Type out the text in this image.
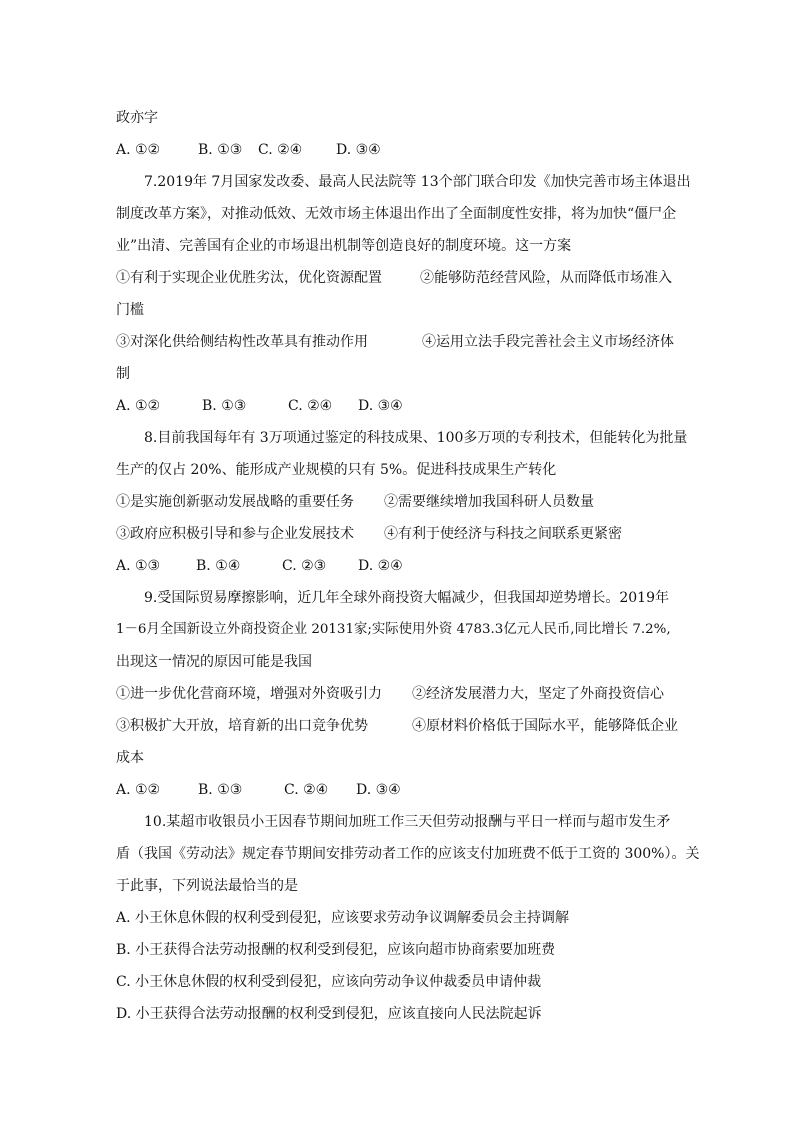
政亦字
A. ①②	B. ①③ C. ②④ D. ③④
7.2019年 7月国家发改委、最高人民法院等 13个部门联合印发《加快完善市场主体退出
制度改革方案》，对推动低效、无效市场主体退出作出了全面制度性安排，将为加快“僵尸企
业”出清、完善国有企业的市场退出机制等创造良好的制度环境。这一方案
①有利于实现企业优胜劣汰，优化资源配置	②能够防范经营风险，从而降低市场准入
门槛
③对深化供给侧结构性改革具有推动作用	④运用立法手段完善社会主义市场经济体
制
A. ①②	B. ①③	C. ②④ D. ③④
8.目前我国每年有 3万项通过鉴定的科技成果、100多万项的专利技术，但能转化为批量
生产的仅占 20%、能形成产业规模的只有 5%。促进科技成果生产转化
①是实施创新驱动发展战略的重要任务 ②需要继续增加我国科研人员数量
③政府应积极引导和参与企业发展技术 ④有利于使经济与科技之间联系更紧密
A. ①③	B. ①④	C. ②③ D. ②④
9.受国际贸易摩擦影响，近几年全球外商投资大幅减少，但我国却逆势增长。2019年
1－6月全国新设立外商投资企业 20131家;实际使用外资 4783.3亿元人民币,同比增长 7.2%,
出现这一情况的原因可能是我国
①进一步优化营商环境，增强对外资吸引力 ②经济发展潜力大，坚定了外商投资信心
③积极扩大开放，培育新的出口竞争优势	④原材料价格低于国际水平，能够降低企业
成本
A. ①②	B. ①③	C. ②④ D. ③④
10.某超市收银员小王因春节期间加班工作三天但劳动报酬与平日一样而与超市发生矛
盾（我国《劳动法》规定春节期间安排劳动者工作的应该支付加班费不低于工资的 300%）。关
于此事，下列说法最恰当的是
A. 小王休息休假的权利受到侵犯，应该要求劳动争议调解委员会主持调解
B. 小王获得合法劳动报酬的权利受到侵犯，应该向超市协商索要加班费
C. 小王休息休假的权利受到侵犯，应该向劳动争议仲裁委员申请仲裁
D. 小王获得合法劳动报酬的权利受到侵犯，应该直接向人民法院起诉
